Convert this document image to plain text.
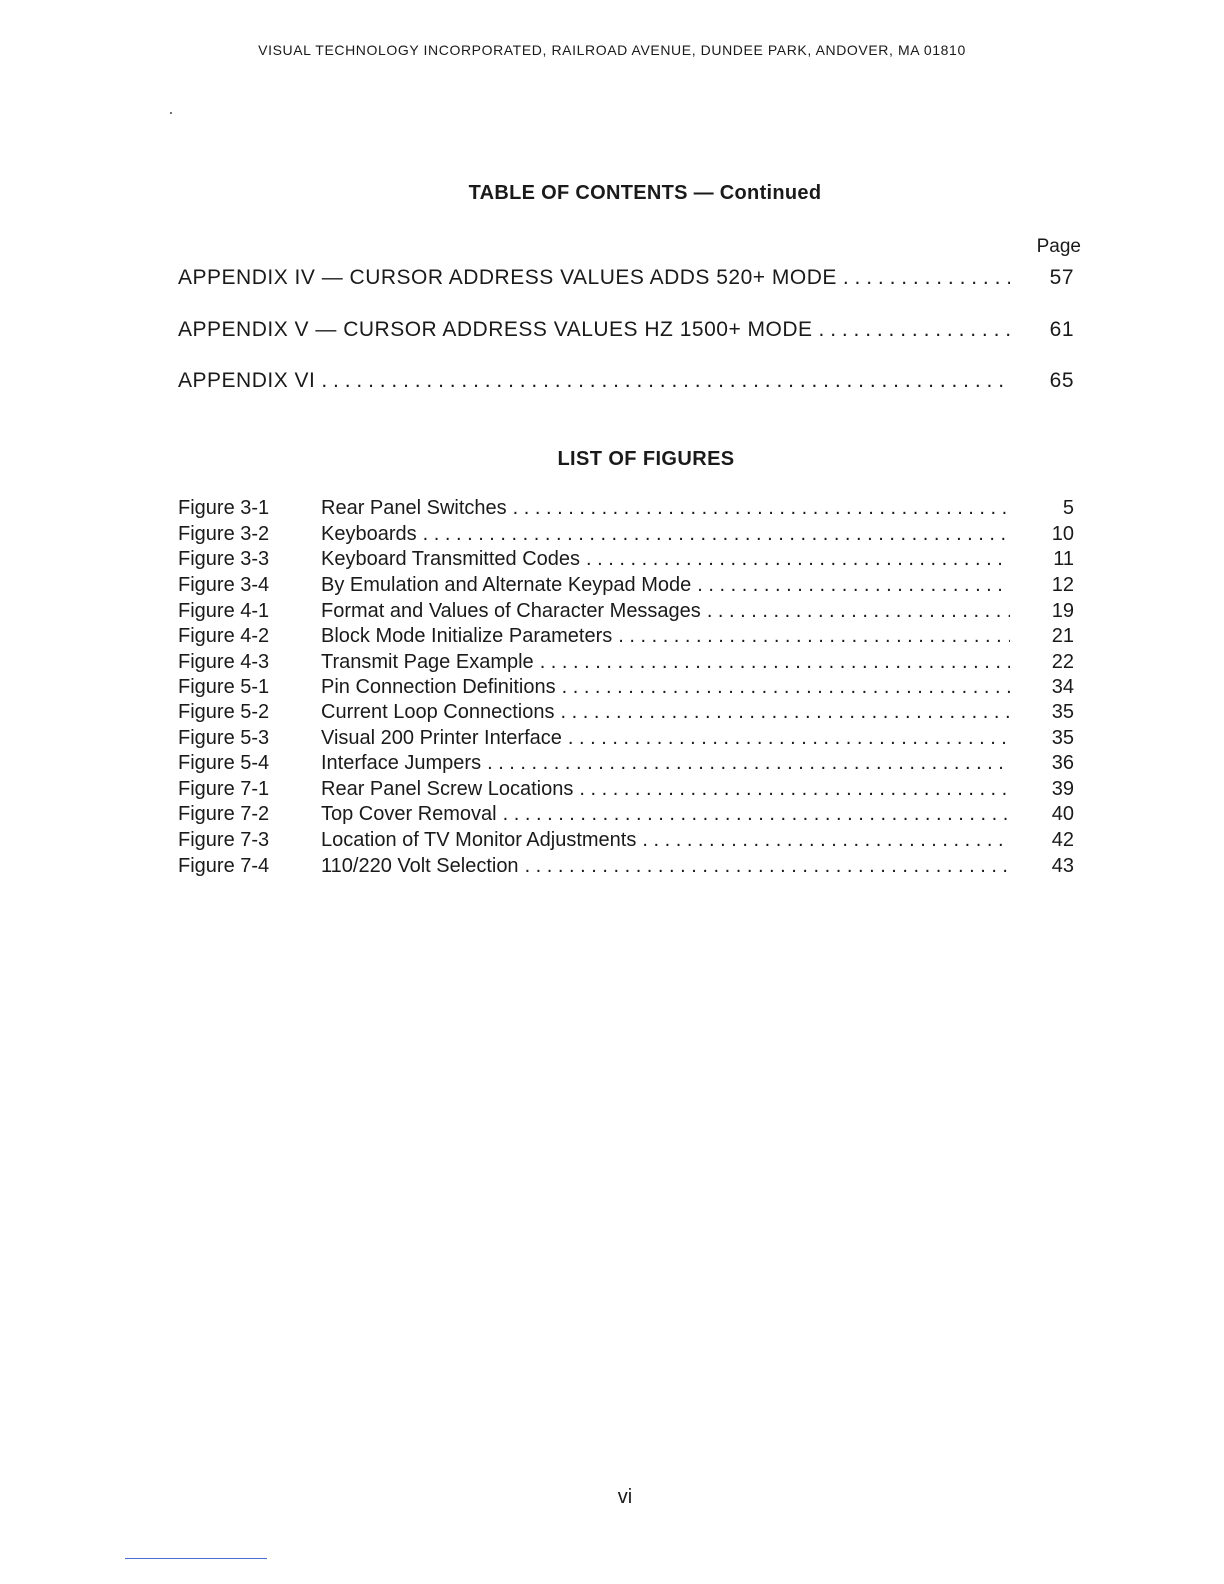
VISUAL TECHNOLOGY INCORPORATED, RAILROAD AVENUE, DUNDEE PARK, ANDOVER, MA 01810
TABLE OF CONTENTS — Continued
Page
APPENDIX IV — CURSOR ADDRESS VALUES ADDS 520+ MODE . . .	57
APPENDIX V — CURSOR ADDRESS VALUES HZ 1500+ MODE . . .	61
APPENDIX VI . . .	65
LIST OF FIGURES
Figure 3-1	Rear Panel Switches . . .	5
Figure 3-2	Keyboards . . .	10
Figure 3-3	Keyboard Transmitted Codes . . .	11
Figure 3-4	By Emulation and Alternate Keypad Mode . . .	12
Figure 4-1	Format and Values of Character Messages . . .	19
Figure 4-2	Block Mode Initialize Parameters . . .	21
Figure 4-3	Transmit Page Example . . .	22
Figure 5-1	Pin Connection Definitions . . .	34
Figure 5-2	Current Loop Connections . . .	35
Figure 5-3	Visual 200 Printer Interface . . .	35
Figure 5-4	Interface Jumpers . . .	36
Figure 7-1	Rear Panel Screw Locations . . .	39
Figure 7-2	Top Cover Removal . . .	40
Figure 7-3	Location of TV Monitor Adjustments . . .	42
Figure 7-4	110/220 Volt Selection . . .	43
vi
